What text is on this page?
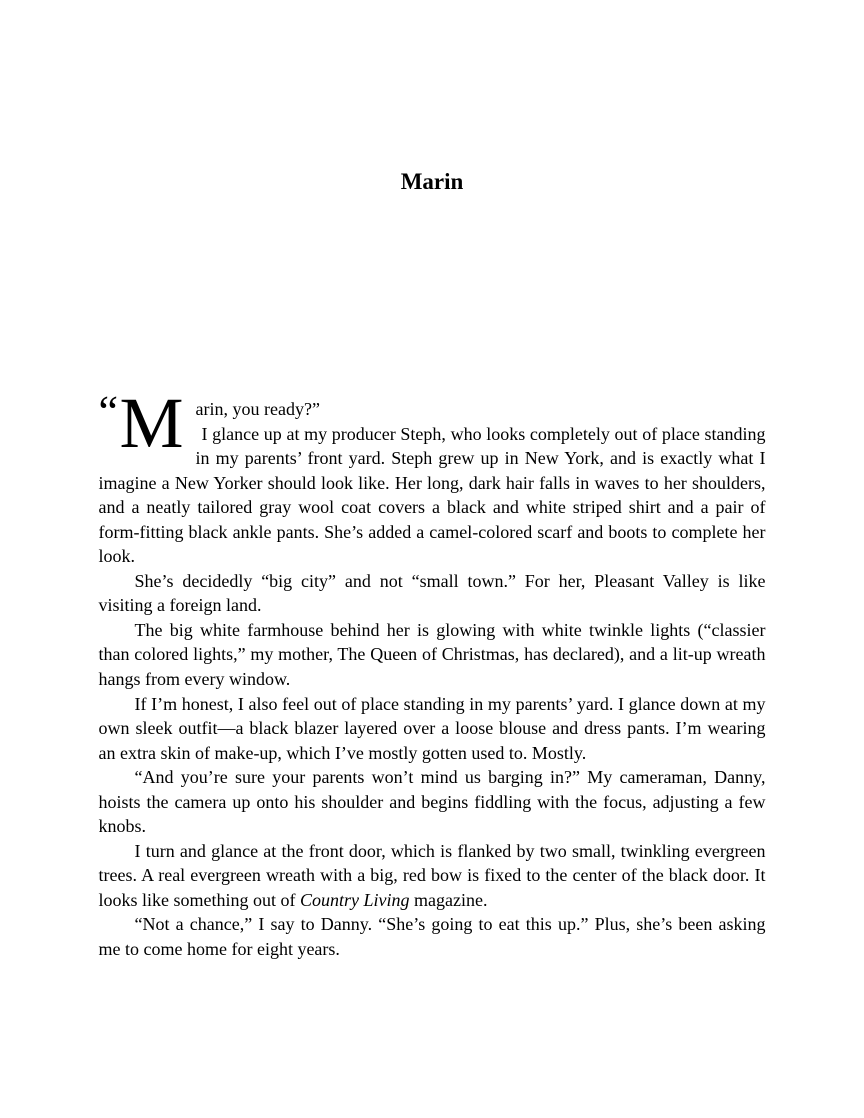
Marin
“ M arin, you ready?”

I glance up at my producer Steph, who looks completely out of place standing in my parents’ front yard. Steph grew up in New York, and is exactly what I imagine a New Yorker should look like. Her long, dark hair falls in waves to her shoulders, and a neatly tailored gray wool coat covers a black and white striped shirt and a pair of form-fitting black ankle pants. She’s added a camel-colored scarf and boots to complete her look.

She’s decidedly “big city” and not “small town.” For her, Pleasant Valley is like visiting a foreign land.

The big white farmhouse behind her is glowing with white twinkle lights (“classier than colored lights,” my mother, The Queen of Christmas, has declared), and a lit-up wreath hangs from every window.

If I’m honest, I also feel out of place standing in my parents’ yard. I glance down at my own sleek outfit—a black blazer layered over a loose blouse and dress pants. I’m wearing an extra skin of make-up, which I’ve mostly gotten used to. Mostly.

“And you’re sure your parents won’t mind us barging in?” My cameraman, Danny, hoists the camera up onto his shoulder and begins fiddling with the focus, adjusting a few knobs.

I turn and glance at the front door, which is flanked by two small, twinkling evergreen trees. A real evergreen wreath with a big, red bow is fixed to the center of the black door. It looks like something out of Country Living magazine.

“Not a chance,” I say to Danny. “She’s going to eat this up.” Plus, she’s been asking me to come home for eight years.
